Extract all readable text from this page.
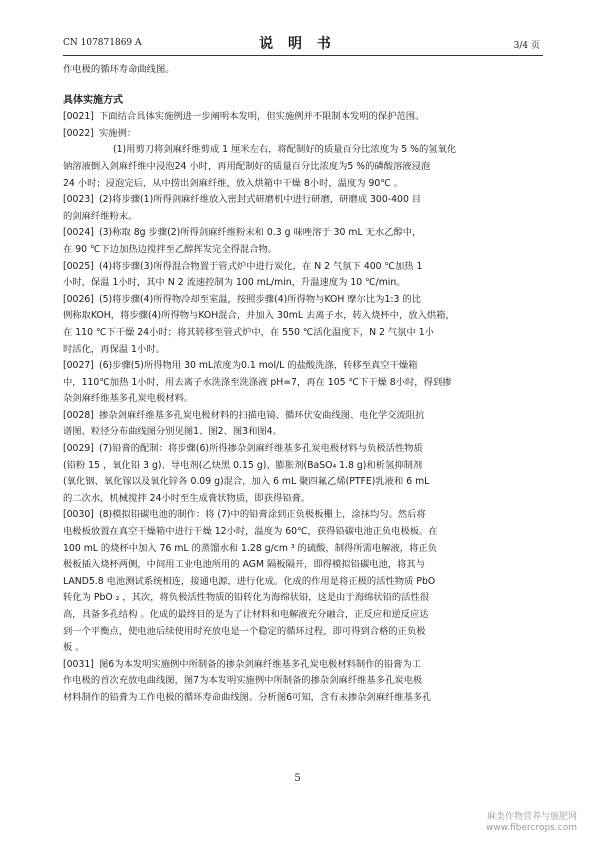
CN 107871869 A	说 明 书	3/4 页
作电极的循环寿命曲线图。
具体实施方式
[0021] 下面结合具体实施例进一步阐明本发明，但实施例并不限制本发明的保护范围。
[0022] 实施例：
(1)用剪刀将剑麻纤维剪成 1 厘米左右，将配制好的质量百分比浓度为 5 %的氢氧化
钠溶液倒入剑麻纤维中浸泡24 小时，再用配制好的质量百分比浓度为5 %的磷酸溶液浸泡
24 小时；浸泡完后，从中捞出剑麻纤维，放入烘箱中干燥 8小时，温度为 90℃ 。
[0023] (2)将步骤(1)所得剑麻纤维放入密封式研磨机中进行研磨，研磨成 300-400 目
的剑麻纤维粉末。
[0024] (3)称取 8g 步骤(2)所得剑麻纤维粉末和 0.3 g 味唑溶于 30 mL 无水乙醇中，
在 90 ℃下边加热边搅拌至乙醇挥发完全得混合物。
[0025] (4)将步骤(3)所得混合物置于管式炉中进行炭化，在 N 2 气氛下 400 ℃加热 1
小时，保温 1小时，其中 N 2 流速控制为 100 mL/min，升温速度为 10 ℃/min。
[0026] (5)将步骤(4)所得物冷却至室温，按照步骤(4)所得物与KOH 摩尔比为1:3 的比
例称取KOH，将步骤(4)所得物与KOH混合，并加入 30mL 去离子水，转入烧杯中，放入烘箱，
在 110 ℃下干燥 24小时；将其转移至管式炉中，在 550 ℃活化温度下，N 2 气氛中 1小
时活化，再保温 1小时。
[0027] (6)步骤(5)所得物用 30 mL浓度为0.1 mol/L 的盐酸洗涤，转移至真空干燥箱
中，110℃加热 1小时，用去离子水洗涤至洗涤液 pH=7，再在 105 ℃下干燥 8小时，得到掺
杂剑麻纤维基多孔炭电极材料。
[0028] 掺杂剑麻纤维基多孔炭电极材料的扫描电镜、循环伏安曲线图、电化学交流阻抗
谱图、粒径分布曲线图分别见图1、图2、图3和图4。
[0029] (7)铅膏的配制：将步骤(6)所得掺杂剑麻纤维基多孔炭电极材料与负极活性物质
(铅粉 15 ，氧化铅 3 g)、导电剂(乙炔黑 0.15 g)、膨胀剂(BaSO₄ 1.8 g)和析氢抑制剂
(氧化铟、氧化镓以及氧化锌各 0.09 g)混合，加入 6 mL 聚四氟乙烯(PTFE)乳液和 6 mL
的二次水，机械搅拌 24小时至生成膏状物质，即获得铅膏。
[0030] (8)模拟铅碳电池的制作：将 (7)中的铅膏涂到正负极板栅上，涂抹均匀。然后将
电极板放置在真空干燥箱中进行干燥 12小时，温度为 60℃，获得铅碳电池正负电极板。在
100 mL 的烧杯中加入 76 mL 的蒸馏水和 1.28 g/cm ³ 的硫酸，制得所需电解液，将正负
极板插入烧杯两侧，中间用工业电池所用的 AGM 隔板隔开，即得模拟铅碳电池，将其与
LAND5.8 电池测试系统相连，接通电源，进行化成。化成的作用是将正极的活性物质 PbO
转化为 PbO ₂ ，其次，将负极活性物质的铅转化为海绵状铅，这是由于海绵状铅的活性很
高，具备多孔结构 。化成的最终目的是为了让材料和电解液充分融合，正反应和逆反应达
到一个平衡点，使电池后续使用时充放电是一个稳定的循环过程，即可得到合格的正负极
板 。
[0031] 图6为本发明实施例中所制备的掺杂剑麻纤维基多孔炭电极材料制作的铅膏为工
作电极的首次充放电曲线图，图7为本发明实施例中所制备的掺杂剑麻纤维基多孔炭电极
材料制作的铅膏为工作电极的循环寿命曲线图。分析图6可知，含有未掺杂剑麻纤维基多孔
5
麻类作物营养与施肥网
www.fibercrops.com
